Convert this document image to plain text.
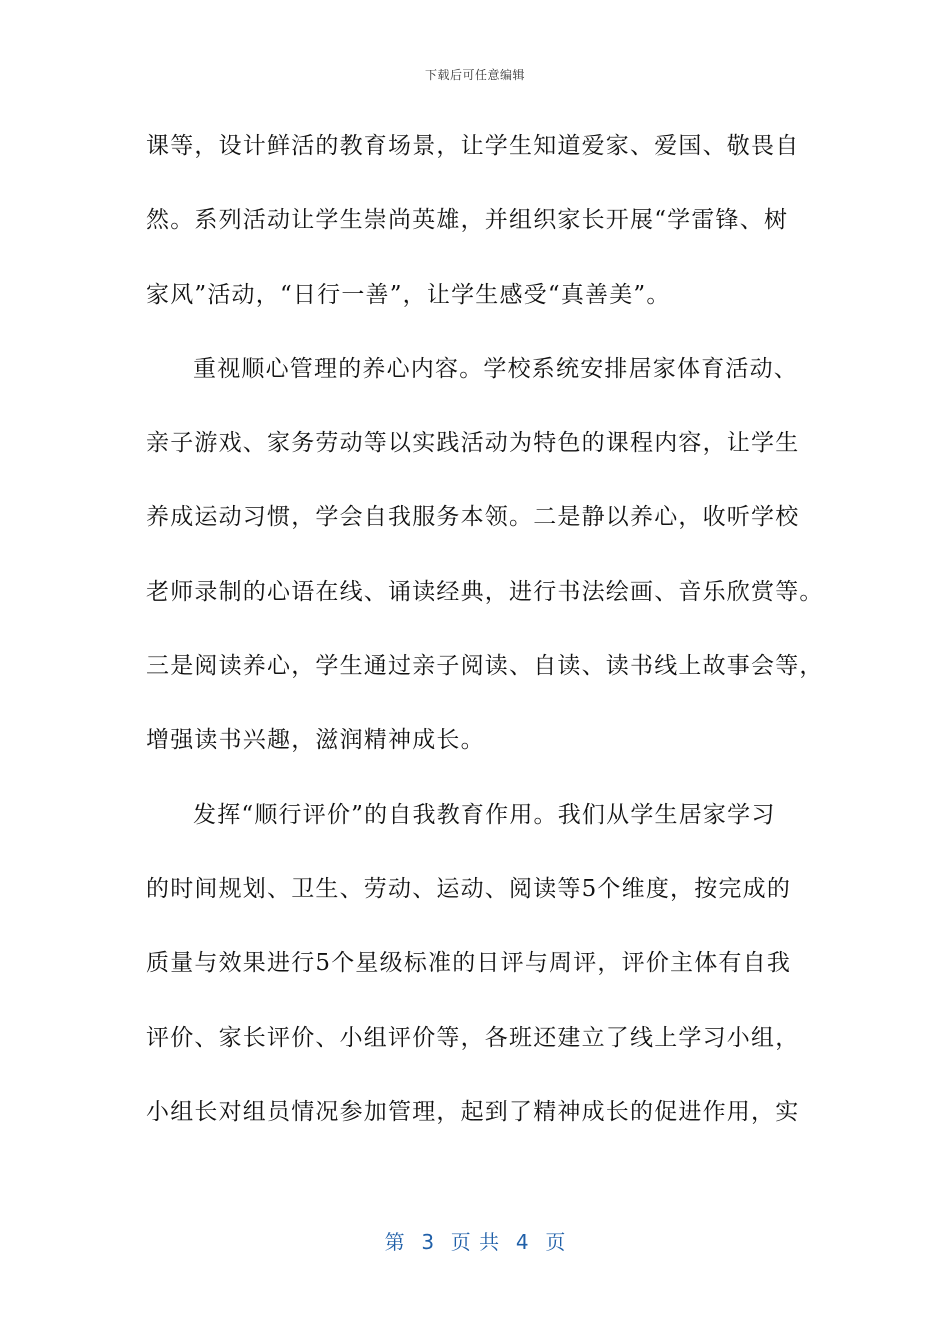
下载后可任意编辑
课等，设计鲜活的教育场景，让学生知道爱家、爱国、敬畏自
然。系列活动让学生崇尚英雄，并组织家长开展“学雷锋、树
家风”活动，“日行一善”，让学生感受“真善美”。
重视顺心管理的养心内容。学校系统安排居家体育活动、
亲子游戏、家务劳动等以实践活动为特色的课程内容，让学生
养成运动习惯，学会自我服务本领。二是静以养心，收听学校
老师录制的心语在线、诵读经典，进行书法绘画、音乐欣赏等。
三是阅读养心，学生通过亲子阅读、自读、读书线上故事会等，
增强读书兴趣，滋润精神成长。
发挥“顺行评价”的自我教育作用。我们从学生居家学习
的时间规划、卫生、劳动、运动、阅读等5个维度，按完成的
质量与效果进行5个星级标准的日评与周评，评价主体有自我
评价、家长评价、小组评价等，各班还建立了线上学习小组，
小组长对组员情况参加管理，起到了精神成长的促进作用，实
第  3  页 共  4  页
